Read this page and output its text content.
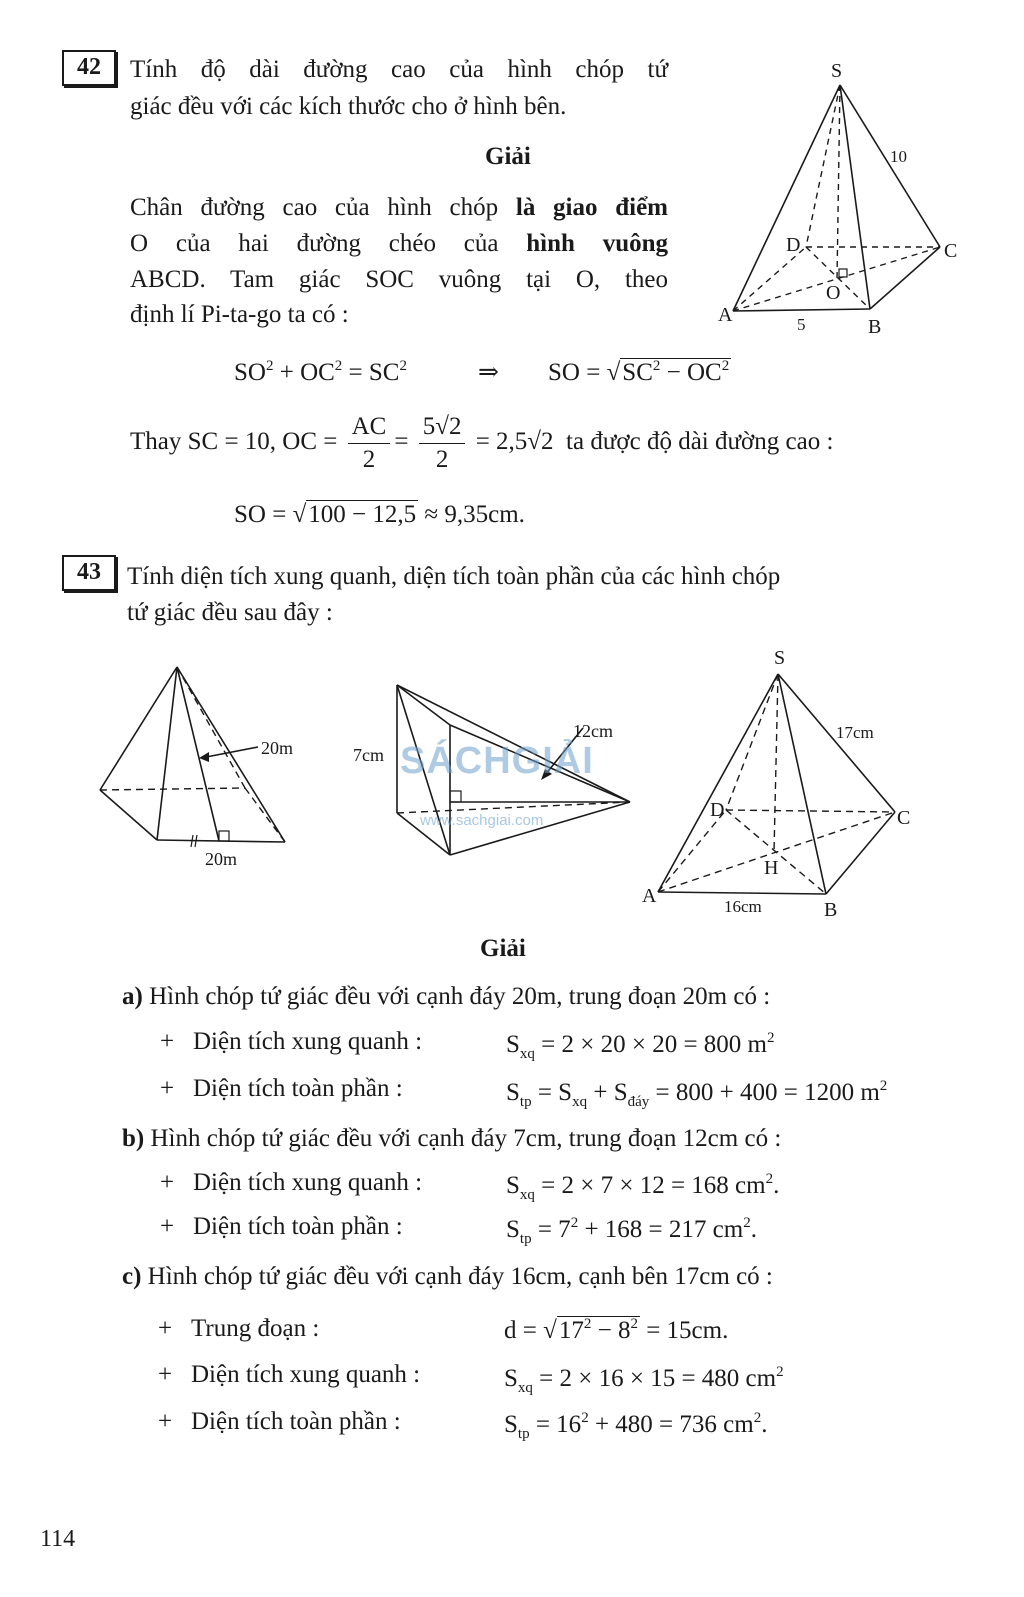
42	Tính độ dài đường cao của hình chóp tứ
giác đều với các kích thước cho ở hình bên.
Giải
Chân đường cao của hình chóp là giao điểm
O của hai đường chéo của hình vuông
ABCD. Tam giác SOC vuông tại O, theo
định lí Pi-ta-go ta có :
$SO^2 + OC^2 = SC^2$	⇒ SO = $√SC^2 - OC^2$
Thay SC = 10, OC = $\frac{AC}{2} = \frac{5√2}{2} = 2,5√2$ ta được độ dài đường cao :
SO = √100 − 12,5 ≈ 9,35cm.
S
A
B
C
D
O
10
5
43	Tính diện tích xung quanh, diện tích toàn phần của các hình chóp
tứ giác đều sau đây :
20m
20m
12cm
7cm SÁCHGIẢI
www.sachgiai.com
S
A
B
C
D
H
17cm
16cm
Giải
a) Hình chóp tứ giác đều với cạnh đáy 20m, trung đoạn 20m có :
+ Diện tích xung quanh :	$S_{xq} = 2 \times 20 \times 20 = 800$ $m^2$
+ Diện tích toàn phần :	$S_{tp} = S_{xq} + S_{đáy} = 800 + 400 = 1200$ $m^2$
b) Hình chóp tứ giác đều với cạnh đáy 7cm, trung đoạn 12cm có :
+ Diện tích xung quanh :	$S_{xq} = 2 \times 7 \times 12 = 168$ $cm^2$.
+ Diện tích toàn phần :	$S_{tp} = 7^2 + 168 = 217$ $cm^2$.
c) Hình chóp tứ giác đều với cạnh đáy 16cm, cạnh bên 17cm có :
+ Trung đoạn :	$d = √17^2 - 8^2 = 15cm$.
+ Diện tích xung quanh :	$S_{xq} = 2 \times 16 \times 15 = 480$ $cm^2$
+ Diện tích toàn phần :	$S_{tp} = 16^2 + 480 = 736$ $cm^2$.
114
